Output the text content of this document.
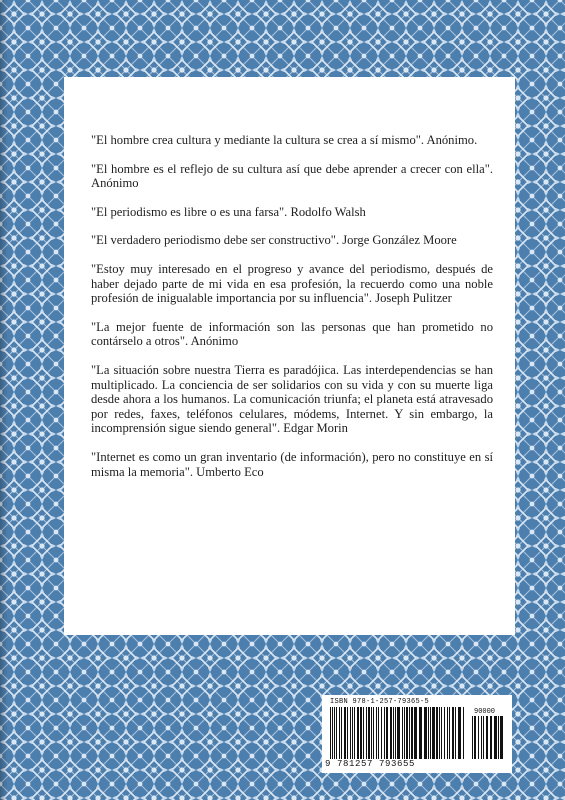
"El hombre crea cultura y mediante la cultura se crea a sí mismo". Anónimo.

"El hombre es el reflejo de su cultura así que debe aprender a crecer con ella". Anónimo

"El periodismo es libre o es una farsa". Rodolfo Walsh

"El verdadero periodismo debe ser constructivo". Jorge González Moore

"Estoy muy interesado en el progreso y avance del periodismo, después de haber dejado parte de mi vida en esa profesión, la recuerdo como una noble profesión de inigualable importancia por su influencia". Joseph Pulitzer

"La mejor fuente de información son las personas que han prometido no contárselo a otros". Anónimo

"La situación sobre nuestra Tierra es paradójica. Las interdependencias se han multiplicado. La conciencia de ser solidarios con su vida y con su muerte liga desde ahora a los humanos. La comunicación triunfa; el planeta está atravesado por redes, faxes, teléfonos celulares, módems, Internet. Y sin embargo, la incomprensión sigue siendo general". Edgar Morin

"Internet es como un gran inventario (de información), pero no constituye en sí misma la memoria". Umberto Eco

ISBN 978-1-257-79365-5
90000
9 781257 793655
